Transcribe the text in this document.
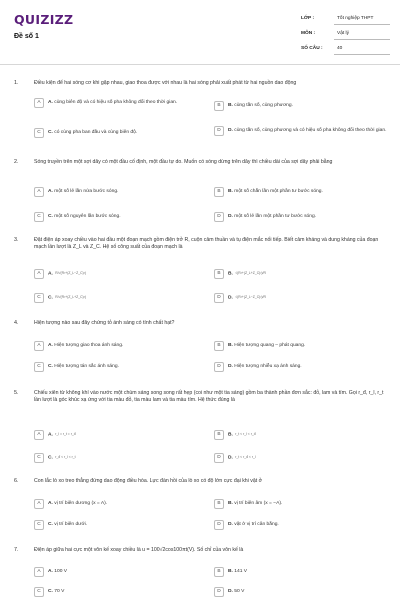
QUIZIZZ
Đề số 1
LỚP :	Tốt nghiệp THPT
MÔN :	Vật lý
SỐ CÂU :	40
1.	Điều kiện để hai sóng cơ khi gặp nhau, giao thoa được với nhau là hai sóng phải xuất phát từ hai nguồn dao động
A	A. cùng biên độ và có hiệu số pha không đổi theo thời gian.
B	B. cùng tần số, cùng phương.
C	C. có cùng pha ban đầu và cùng biên độ.	D	D. cùng tần số, cùng phương và có hiệu số pha không đổi theo thời gian.
2.	Sóng truyền trên một sợi dây có một đầu cố định, một đầu tự do. Muốn có sóng dừng trên dây thì chiều dài của sợi dây phải bằng
A	A. một số lẻ lần nửa bước sóng.	B	B. một số chẵn lần một phần tư bước sóng.
C	C. một số nguyên lần bước sóng.	D	D. một số lẻ lần một phần tư bước sóng.
3.	Đặt điện áp xoay chiều vào hai đầu một đoạn mạch gồm điện trở R, cuộn cảm thuần và tụ điện mắc nối tiếp. Biết cảm kháng và dung kháng của đoạn mạch lần lượt là Z_L và Z_C. Hệ số công suất của đoạn mạch là
A	A. R/√(R²+(Z_L−Z_C)²)	B	B. √(R²+(Z_L+Z_C)²)/R
C	C. R/√(R²+(Z_L+Z_C)²)	D	D. √(R²+(Z_L−Z_C)²)/R
4.	Hiện tượng nào sau đây chứng tỏ ánh sáng có tính chất hạt?
A	A. Hiện tượng giao thoa ánh sáng.	B	B. Hiện tượng quang – phát quang.
C	C. Hiện tượng tán sắc ánh sáng.	D	D. Hiện tượng nhiễu xạ ánh sáng.
5.	Chiếu xiên từ không khí vào nước một chùm sáng song song rất hẹp (coi như một tia sáng) gồm ba thành phần đơn sắc: đỏ, lam và tím. Gọi r_đ, r_l, r_t lần lượt là góc khúc xạ ứng với tia màu đỏ, tia màu lam và tia màu tím. Hệ thức đúng là
A	A. r_l = r_t = r_đ	B	B. r_t < r_l < r_đ
C	C. r_đ < r_l < r_t	D	D. r_t < r_đ < r_l
6.	Con lắc lò xo treo thẳng đứng dao động điều hòa. Lực đàn hồi của lò xo có độ lớn cực đại khi vật ở
A	A. vị trí biên dương (x = A).	B	B. vị trí biên âm (x = −A).
C	C. vị trí biên dưới.	D	D. vật ở vị trí cân bằng.
7.	Điện áp giữa hai cực một vôn kế xoay chiều là u = 100√2cos100πt(V). Số chỉ của vôn kế là
A	A. 100 V	B	B. 141 V
C	C. 70 V	D	D. 50 V
